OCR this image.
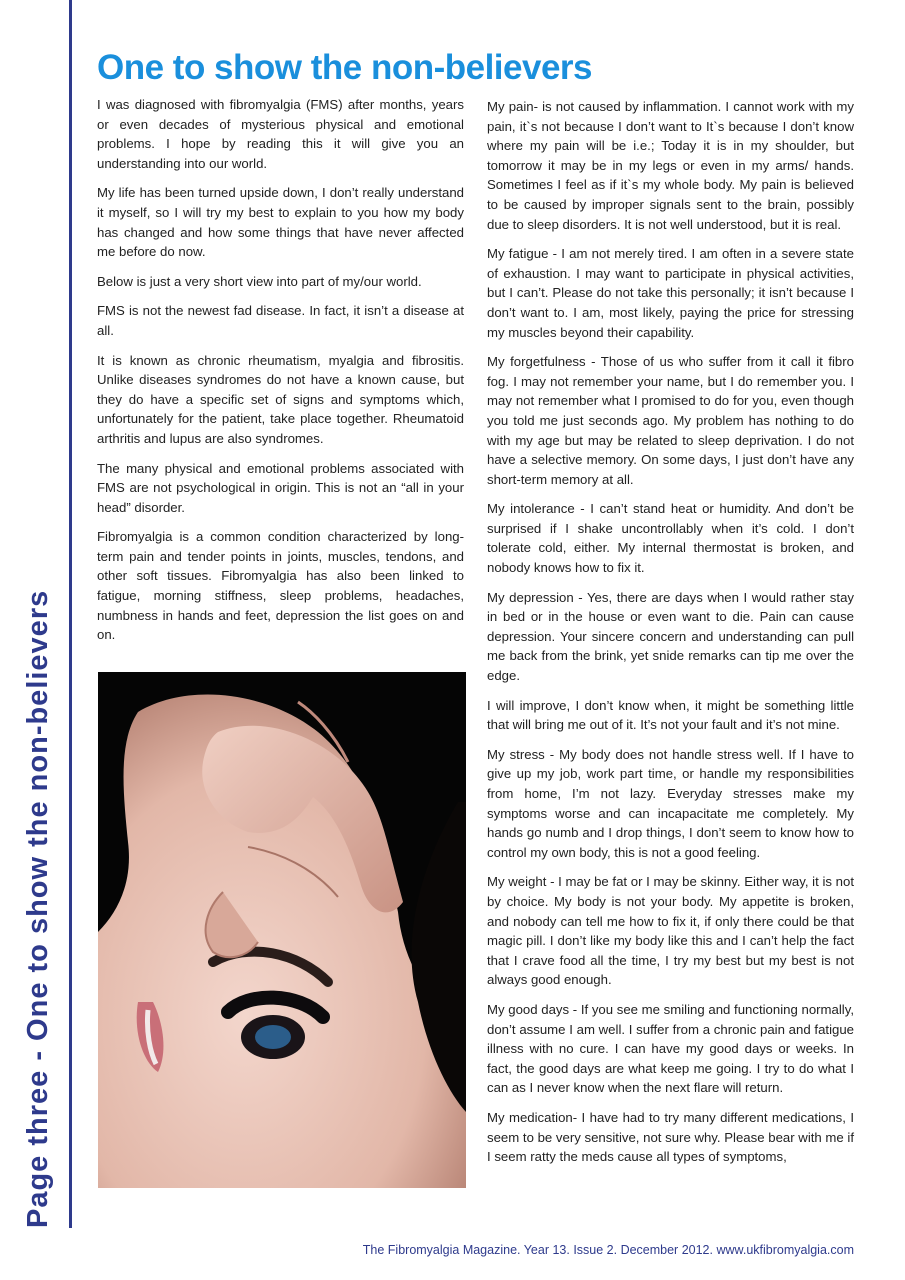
Page three - One to show the non-believers
One to show the non-believers

I was diagnosed with fibromyalgia (FMS) after months, years or even decades of mysterious physical and emotional problems. I hope by reading this it will give you an understanding into our world.

My life has been turned upside down, I don’t really understand it myself, so I will try my best to explain to you how my body has changed and how some things that have never affected me before do now.

Below is just a very short view into part of my/our world.

FMS is not the newest fad disease. In fact, it isn’t a disease at all.

It is known as chronic rheumatism, myalgia and fibrositis. Unlike diseases syndromes do not have a known cause, but they do have a specific set of signs and symptoms which, unfortunately for the patient, take place together. Rheumatoid arthritis and lupus are also syndromes.

The many physical and emotional problems associated with FMS are not psychological in origin. This is not an “all in your head” disorder.

Fibromyalgia is a common condition characterized by long-term pain and tender points in joints, muscles, tendons, and other soft tissues. Fibromyalgia has also been linked to fatigue, morning stiffness, sleep problems, headaches, numbness in hands and feet, depression the list goes on and on.

My pain- is not caused by inflammation. I cannot work with my pain, it`s not because I don’t want to It`s because I don’t know where my pain will be i.e.; Today it is in my shoulder, but tomorrow it may be in my legs or even in my arms/ hands. Sometimes I feel as if it`s my whole body. My pain is believed to be caused by improper signals sent to the brain, possibly due to sleep disorders. It is not well understood, but it is real.

My fatigue - I am not merely tired. I am often in a severe state of exhaustion. I may want to participate in physical activities, but I can’t. Please do not take this personally; it isn’t because I don’t want to. I am, most likely, paying the price for stressing my muscles beyond their capability.

My forgetfulness - Those of us who suffer from it call it fibro fog. I may not remember your name, but I do remember you. I may not remember what I promised to do for you, even though you told me just seconds ago. My problem has nothing to do with my age but may be related to sleep deprivation. I do not have a selective memory. On some days, I just don’t have any short-term memory at all.

My intolerance - I can’t stand heat or humidity. And don’t be surprised if I shake uncontrollably when it’s cold. I don’t tolerate cold, either. My internal thermostat is broken, and nobody knows how to fix it.

My depression - Yes, there are days when I would rather stay in bed or in the house or even want to die. Pain can cause depression. Your sincere concern and understanding can pull me back from the brink, yet snide remarks can tip me over the edge.

I will improve, I don’t know when, it might be something little that will bring me out of it. It’s not your fault and it’s not mine.

My stress - My body does not handle stress well. If I have to give up my job, work part time, or handle my responsibilities from home, I’m not lazy. Everyday stresses make my symptoms worse and can incapacitate me completely. My hands go numb and I drop things, I don’t seem to know how to control my own body, this is not a good feeling.

My weight - I may be fat or I may be skinny. Either way, it is not by choice. My body is not your body. My appetite is broken, and nobody can tell me how to fix it, if only there could be that magic pill. I don’t like my body like this and I can’t help the fact that I crave food all the time, I try my best but my best is not always good enough.

My good days - If you see me smiling and functioning normally, don’t assume I am well. I suffer from a chronic pain and fatigue illness with no cure. I can have my good days or weeks. In fact, the good days are what keep me going. I try to do what I can as I never know when the next flare will return.

My medication- I have had to try many different medications, I seem to be very sensitive, not sure why. Please bear with me if I seem ratty the meds cause all types of symptoms,

The Fibromyalgia Magazine. Year 13. Issue 2. December 2012. www.ukfibromyalgia.com
